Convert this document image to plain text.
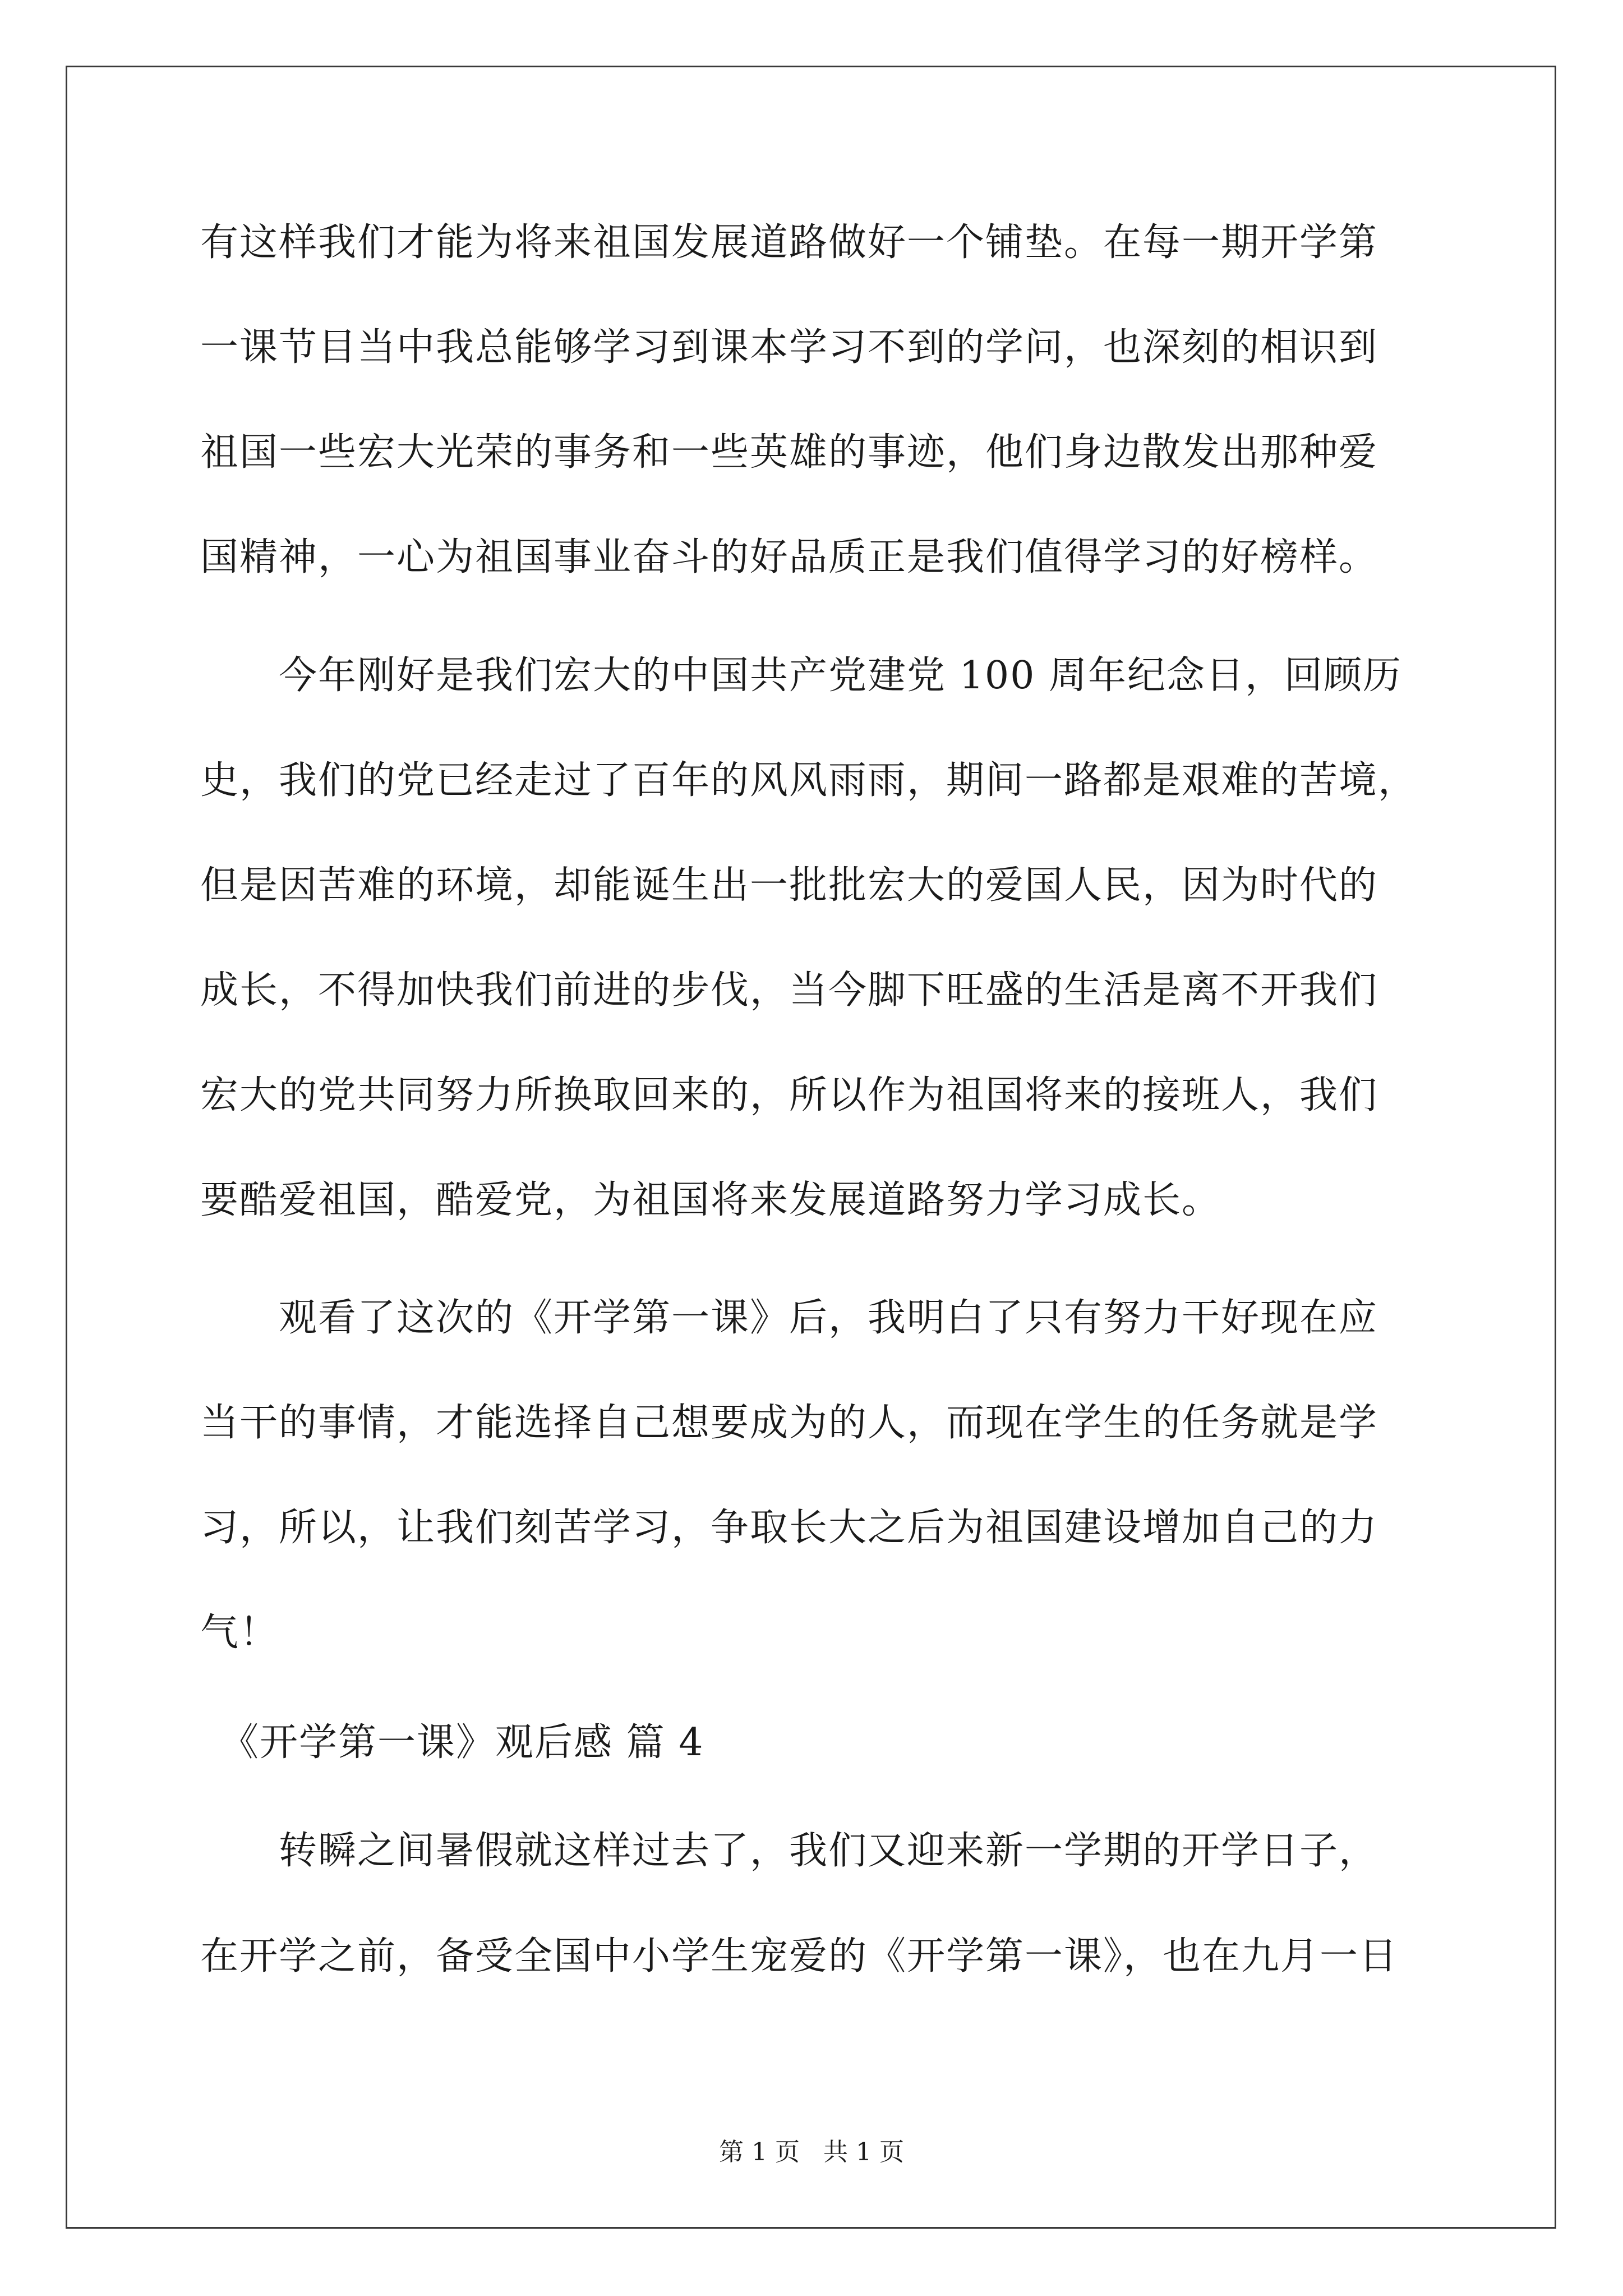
有这样我们才能为将来祖国发展道路做好一个铺垫。在每一期开学第
一课节目当中我总能够学习到课本学习不到的学问，也深刻的相识到
祖国一些宏大光荣的事务和一些英雄的事迹，他们身边散发出那种爱
国精神，一心为祖国事业奋斗的好品质正是我们值得学习的好榜样。
　　今年刚好是我们宏大的中国共产党建党 100 周年纪念日，回顾历
史，我们的党已经走过了百年的风风雨雨，期间一路都是艰难的苦境，
但是因苦难的环境，却能诞生出一批批宏大的爱国人民，因为时代的
成长，不得加快我们前进的步伐，当今脚下旺盛的生活是离不开我们
宏大的党共同努力所换取回来的，所以作为祖国将来的接班人，我们
要酷爱祖国，酷爱党，为祖国将来发展道路努力学习成长。
　　观看了这次的《开学第一课》后，我明白了只有努力干好现在应
当干的事情，才能选择自己想要成为的人，而现在学生的任务就是学
习，所以，让我们刻苦学习，争取长大之后为祖国建设增加自己的力
气！
　《开学第一课》观后感 篇 4
　　转瞬之间暑假就这样过去了，我们又迎来新一学期的开学日子，
在开学之前，备受全国中小学生宠爱的《开学第一课》，也在九月一日
第 1 页   共 1 页
